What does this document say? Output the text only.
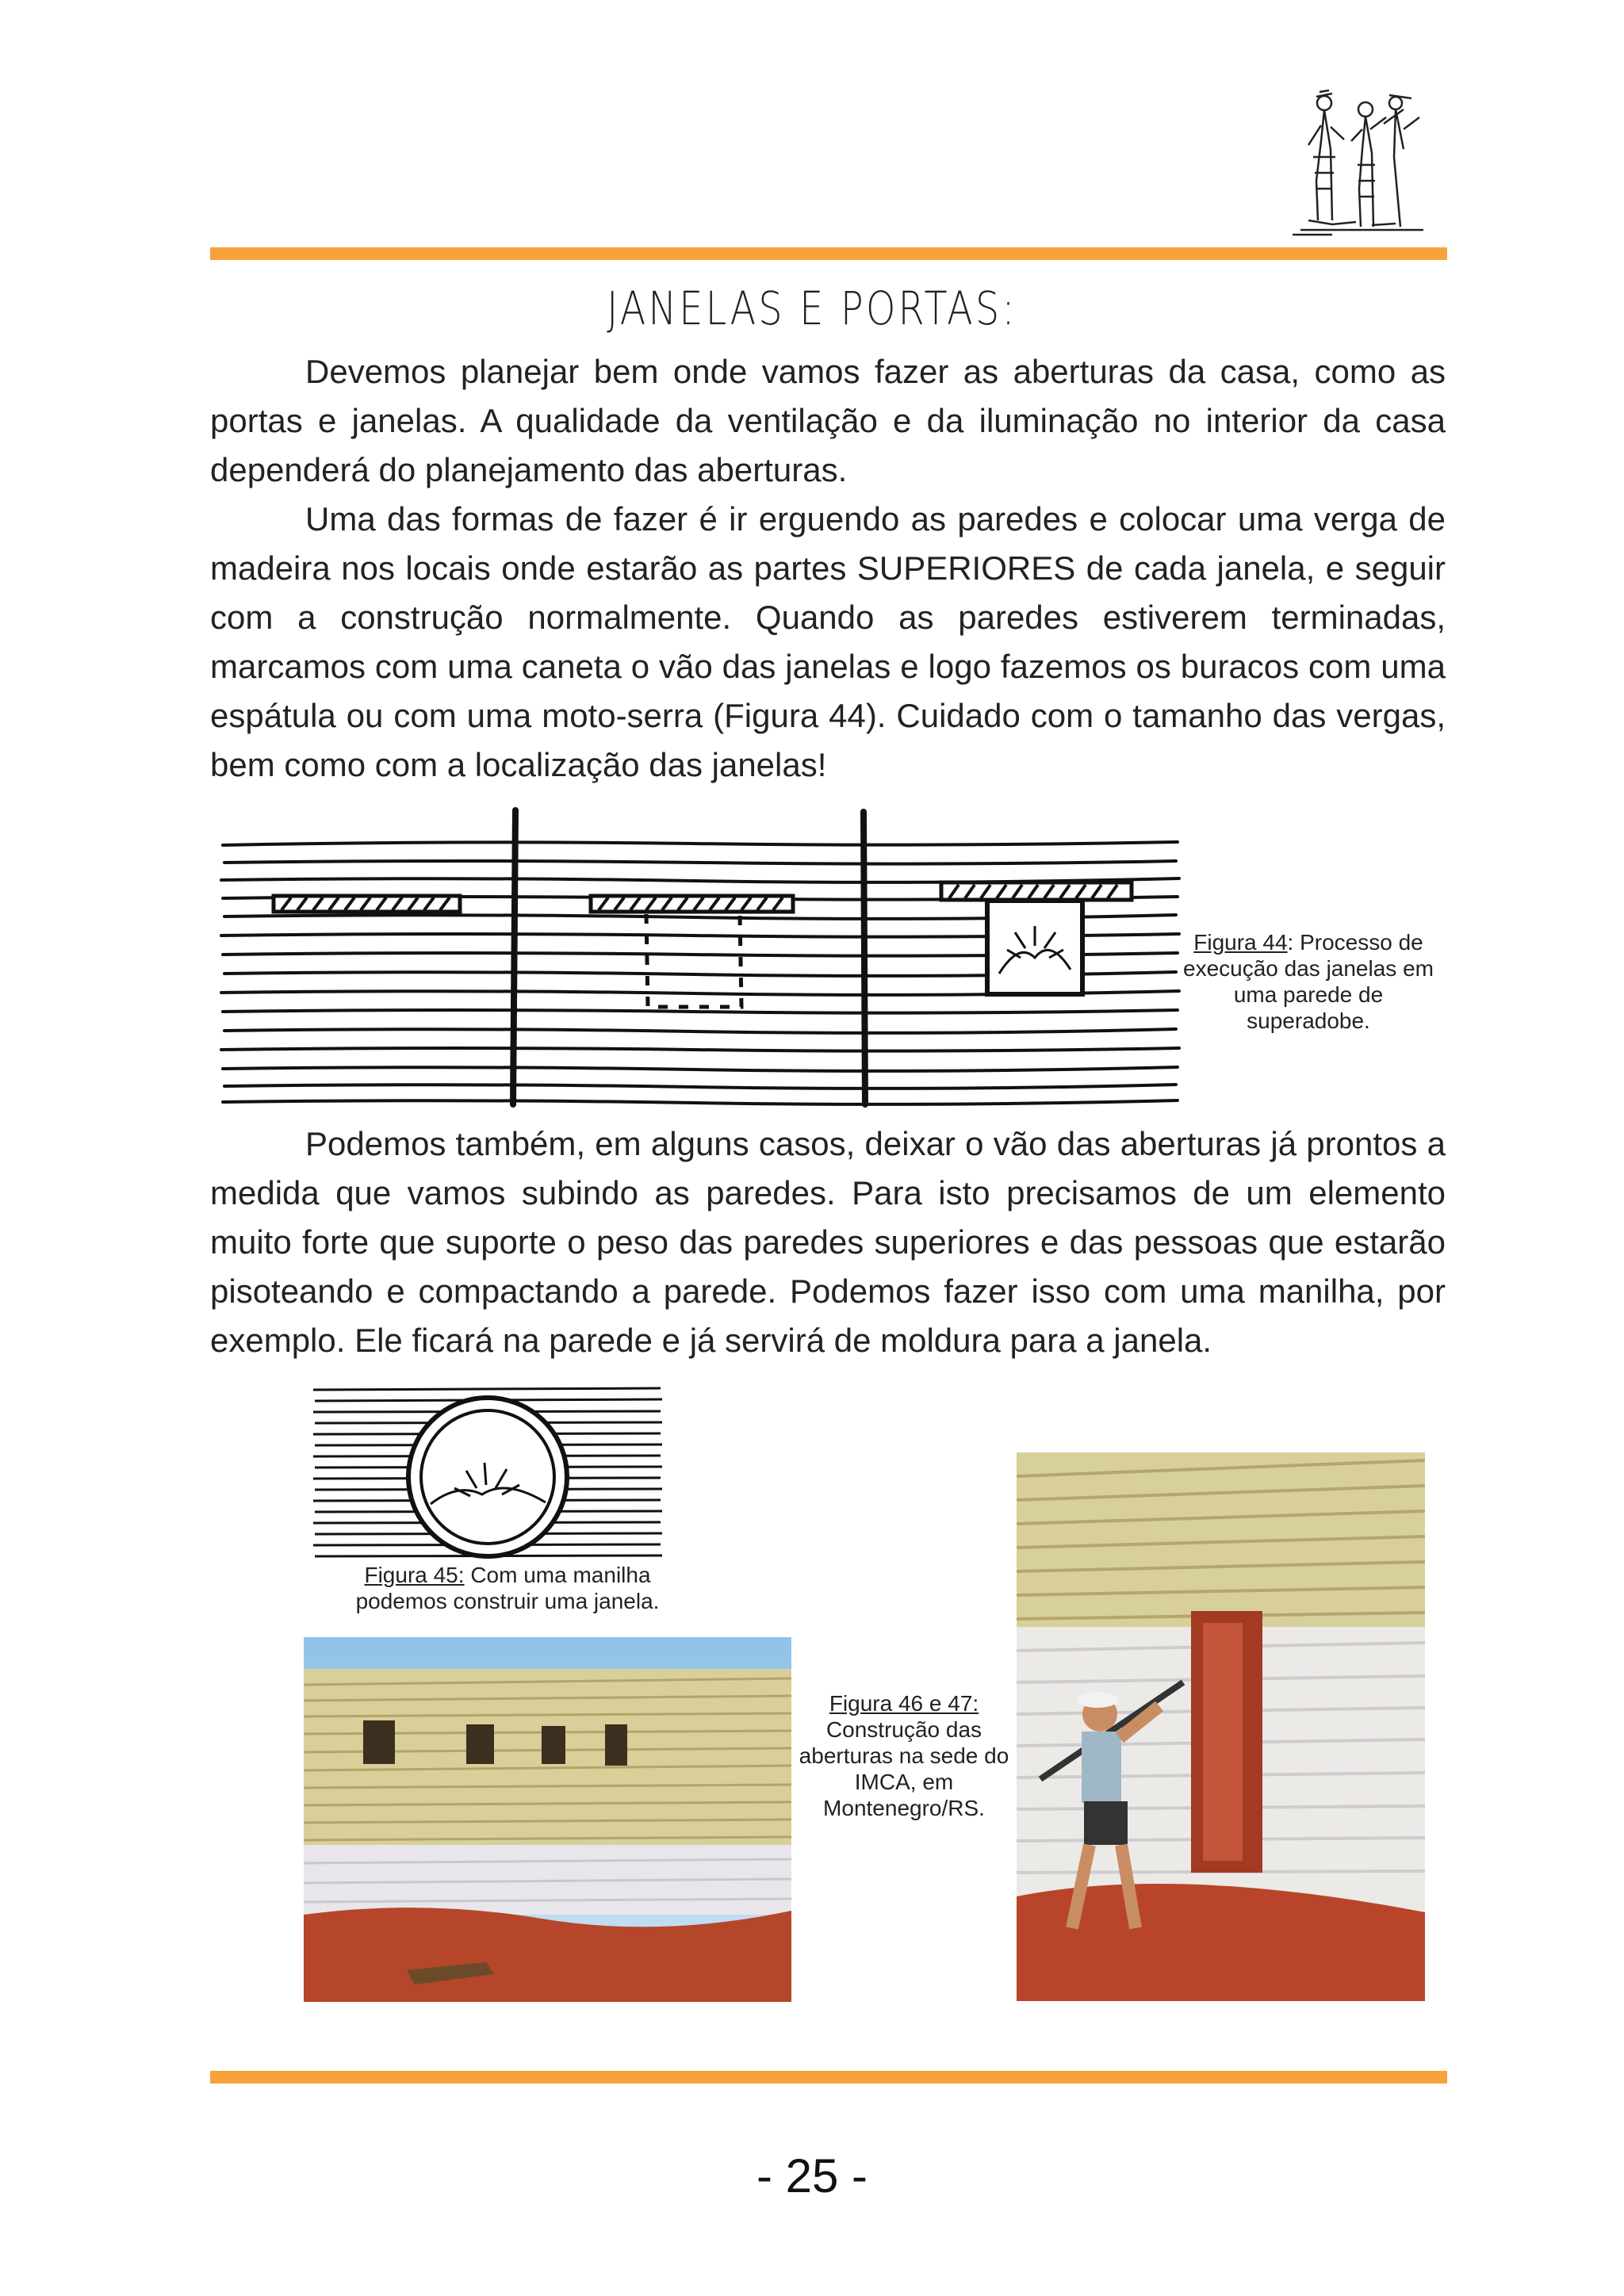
JANELAS E PORTAS:

Devemos planejar bem onde vamos fazer as aberturas da casa, como as portas e janelas. A qualidade da ventilação e da iluminação no interior da casa dependerá do planejamento das aberturas.

Uma das formas de fazer é ir erguendo as paredes e colocar uma verga de madeira nos locais onde estarão as partes SUPERIORES de cada janela, e seguir com a construção normalmente. Quando as paredes estiverem terminadas, marcamos com uma caneta o vão das janelas e logo fazemos os buracos com uma espátula ou com uma moto-serra (Figura 44). Cuidado com o tamanho das vergas, bem como com a localização das janelas!

Figura 44: Processo de execução das janelas em uma parede de superadobe.

Podemos também, em alguns casos, deixar o vão das aberturas já prontos a medida que vamos subindo as paredes. Para isto precisamos de um elemento muito forte que suporte o peso das paredes superiores e das pessoas que estarão pisoteando e compactando a parede. Podemos fazer isso com uma manilha, por exemplo. Ele ficará na parede e já servirá de moldura para a janela.

Figura 45: Com uma manilha podemos construir uma janela.
Figura 46 e 47:
Construção das aberturas na sede do IMCA, em Montenegro/RS.
- 25 -
